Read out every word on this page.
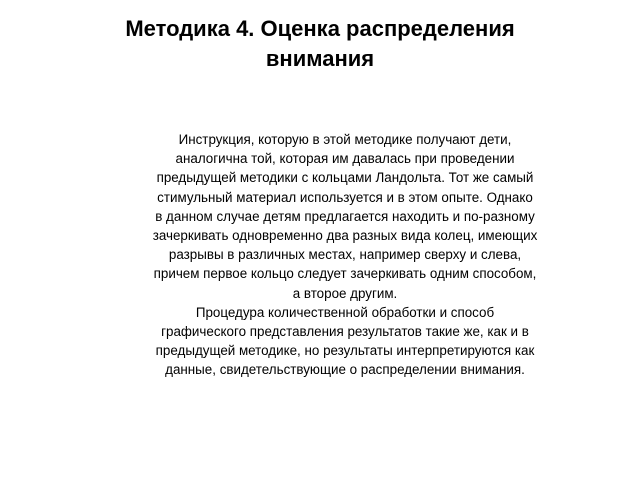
Методика 4. Оценка распределения
внимания

Инструкция, которую в этой методике получают дети,
аналогична той, которая им давалась при проведении
предыдущей методики с кольцами Ландольта. Тот же самый
стимульный материал используется и в этом опыте. Однако
в данном случае детям предлагается находить и по-разному
зачеркивать одновременно два разных вида колец, имеющих
разрывы в различных местах, например сверху и слева,
причем первое кольцо следует зачеркивать одним способом,
а второе другим.

Процедура количественной обработки и способ
графического представления результатов такие же, как и в
предыдущей методике, но результаты интерпретируются как
данные, свидетельствующие о распределении внимания.
